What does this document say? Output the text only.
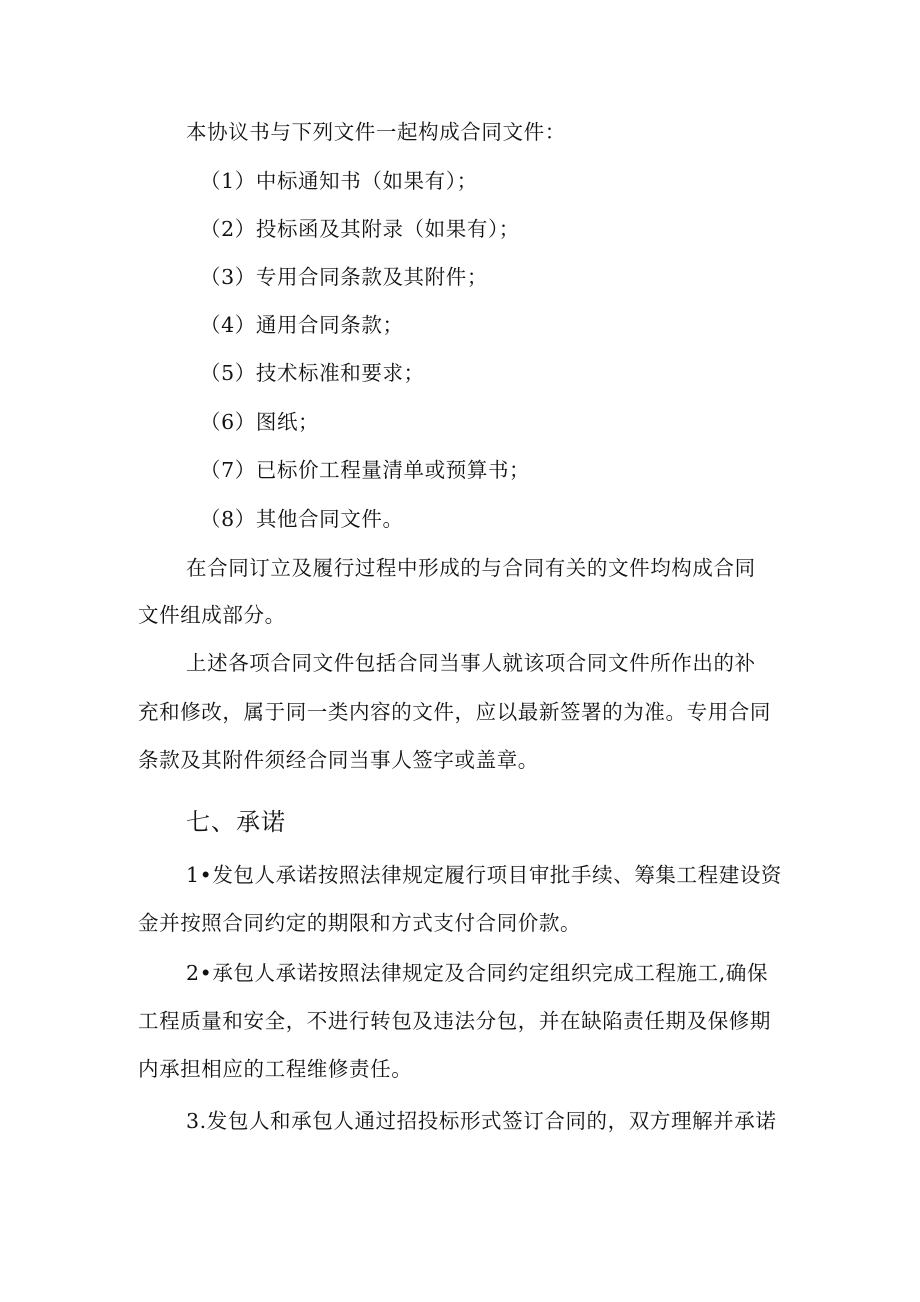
本协议书与下列文件一起构成合同文件：
（1）中标通知书（如果有）；
（2）投标函及其附录（如果有）；
（3）专用合同条款及其附件；
（4）通用合同条款；
（5）技术标准和要求；
（6）图纸；
（7）已标价工程量清单或预算书；
（8）其他合同文件。
在合同订立及履行过程中形成的与合同有关的文件均构成合同
文件组成部分。
上述各项合同文件包括合同当事人就该项合同文件所作出的补
充和修改，属于同一类内容的文件，应以最新签署的为准。专用合同
条款及其附件须经合同当事人签字或盖章。
七、承诺
1•发包人承诺按照法律规定履行项目审批手续、筹集工程建设资
金并按照合同约定的期限和方式支付合同价款。
2•承包人承诺按照法律规定及合同约定组织完成工程施工,确保
工程质量和安全，不进行转包及违法分包，并在缺陷责任期及保修期
内承担相应的工程维修责任。
3.发包人和承包人通过招投标形式签订合同的，双方理解并承诺
